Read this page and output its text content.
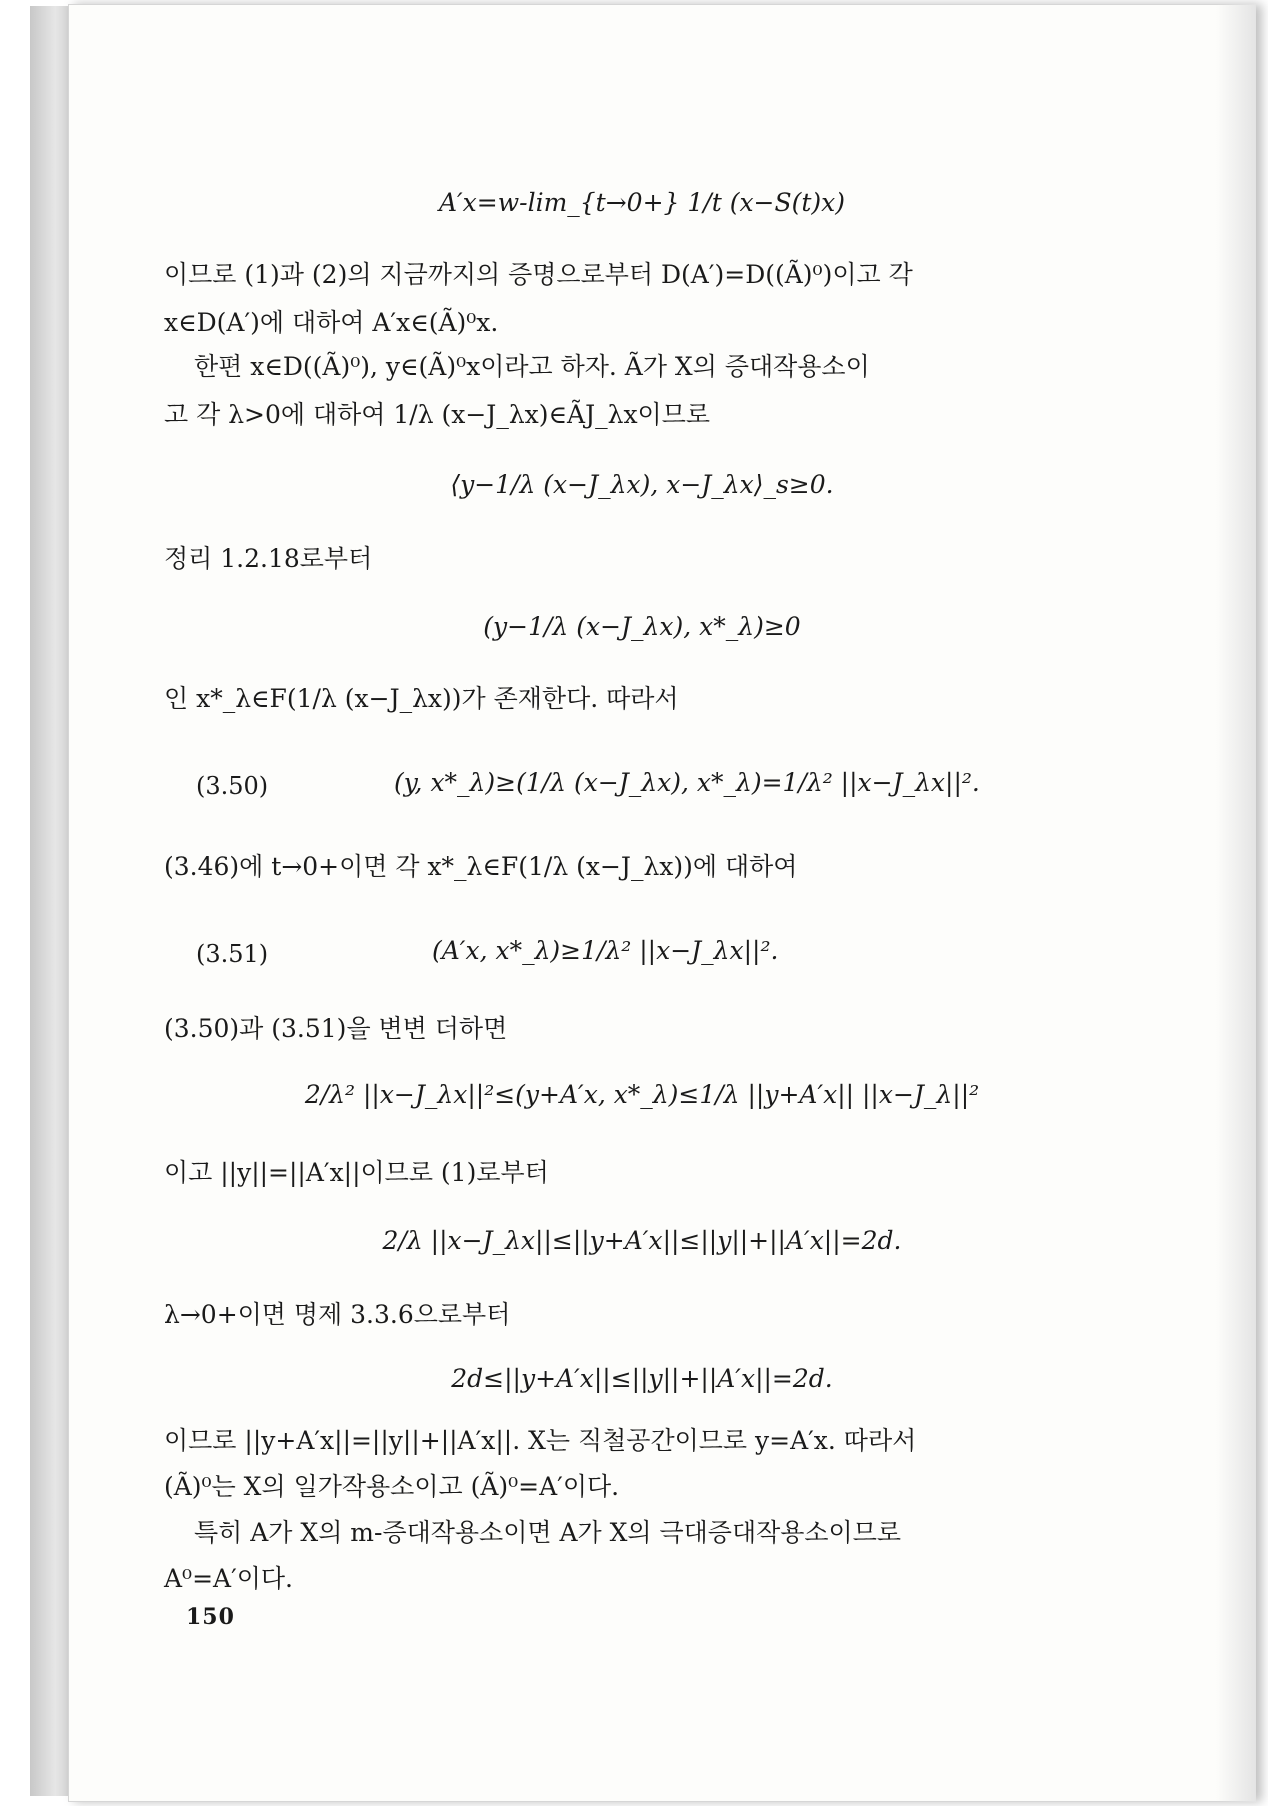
A′x=w-lim_{t→0+} 1/t (x−S(t)x)
이므로 (1)과 (2)의 지금까지의 증명으로부터 D(A′)=D((Ã)⁰)이고 각
x∈D(A′)에 대하여 A′x∈(Ã)⁰x.
한편 x∈D((Ã)⁰), y∈(Ã)⁰x이라고 하자. Ã가 X의 증대작용소이
고 각 λ>0에 대하여 1/λ (x−J_λx)∈ÃJ_λx이므로
⟨y−1/λ (x−J_λx), x−J_λx⟩_s≥0.
정리 1.2.18로부터
(y−1/λ (x−J_λx), x*_λ)≥0
인 x*_λ∈F(1/λ (x−J_λx))가 존재한다. 따라서
(3.50)	(y, x*_λ)≥(1/λ (x−J_λx), x*_λ)=1/λ² ||x−J_λx||².
(3.46)에 t→0+이면 각 x*_λ∈F(1/λ (x−J_λx))에 대하여
(3.51)	(A′x, x*_λ)≥1/λ² ||x−J_λx||².
(3.50)과 (3.51)을 변변 더하면
2/λ² ||x−J_λx||²≤(y+A′x, x*_λ)≤1/λ ||y+A′x|| ||x−J_λ||²
이고 ||y||=||A′x||이므로 (1)로부터
2/λ ||x−J_λx||≤||y+A′x||≤||y||+||A′x||=2d.
λ→0+이면 명제 3.3.6으로부터
2d≤||y+A′x||≤||y||+||A′x||=2d.
이므로 ||y+A′x||=||y||+||A′x||. X는 직철공간이므로 y=A′x. 따라서
(Ã)⁰는 X의 일가작용소이고 (Ã)⁰=A′이다.
특히 A가 X의 m-증대작용소이면 A가 X의 극대증대작용소이므로
A⁰=A′이다.
150
